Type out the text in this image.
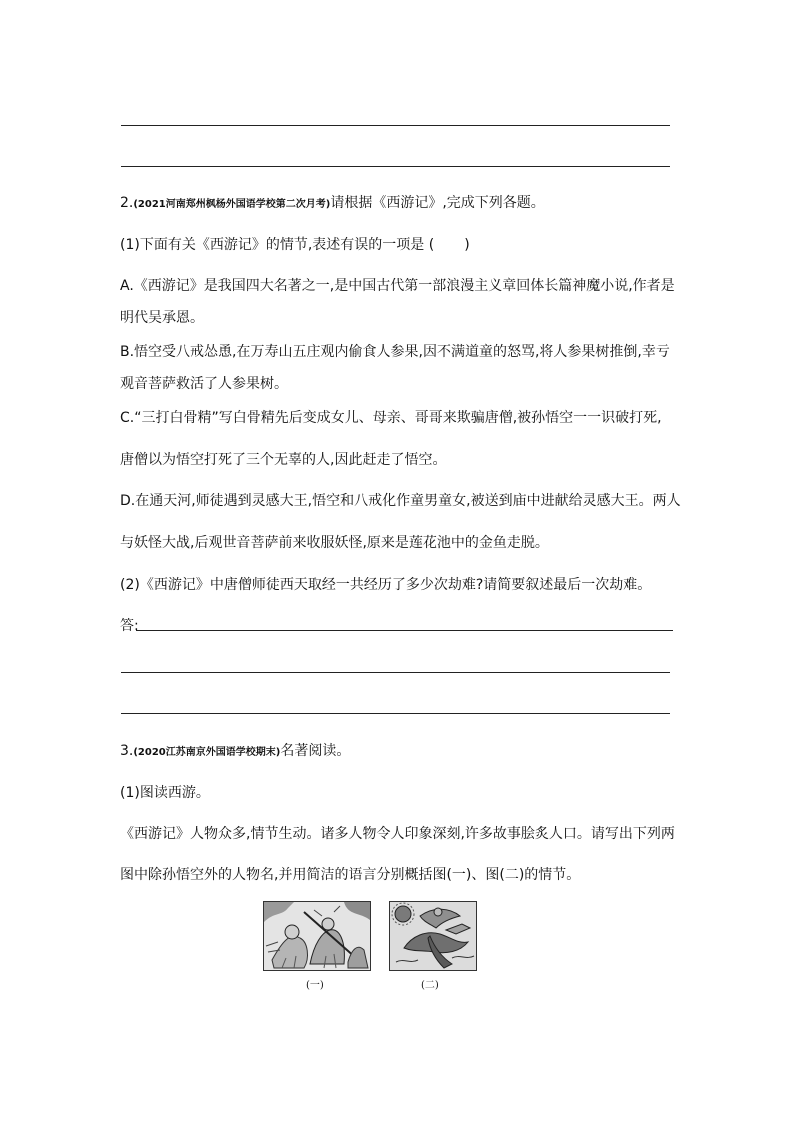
2.(2021河南郑州枫杨外国语学校第二次月考)请根据《西游记》,完成下列各题。
(1)下面有关《西游记》的情节,表述有误的一项是 ( )
A.《西游记》是我国四大名著之一,是中国古代第一部浪漫主义章回体长篇神魔小说,作者是
明代吴承恩。
B.悟空受八戒怂恿,在万寿山五庄观内偷食人参果,因不满道童的怒骂,将人参果树推倒,幸亏
观音菩萨救活了人参果树。
C.“三打白骨精”写白骨精先后变成女儿、母亲、哥哥来欺骗唐僧,被孙悟空一一识破打死,
唐僧以为悟空打死了三个无辜的人,因此赶走了悟空。
D.在通天河,师徒遇到灵感大王,悟空和八戒化作童男童女,被送到庙中进献给灵感大王。两人
与妖怪大战,后观世音菩萨前来收服妖怪,原来是莲花池中的金鱼走脱。
(2)《西游记》中唐僧师徒西天取经一共经历了多少次劫难?请简要叙述最后一次劫难。
答:
3.(2020江苏南京外国语学校期末)名著阅读。
(1)图读西游。
《西游记》人物众多,情节生动。诸多人物令人印象深刻,许多故事脍炙人口。请写出下列两
图中除孙悟空外的人物名,并用简洁的语言分别概括图(一)、图(二)的情节。
(一)	(二)
